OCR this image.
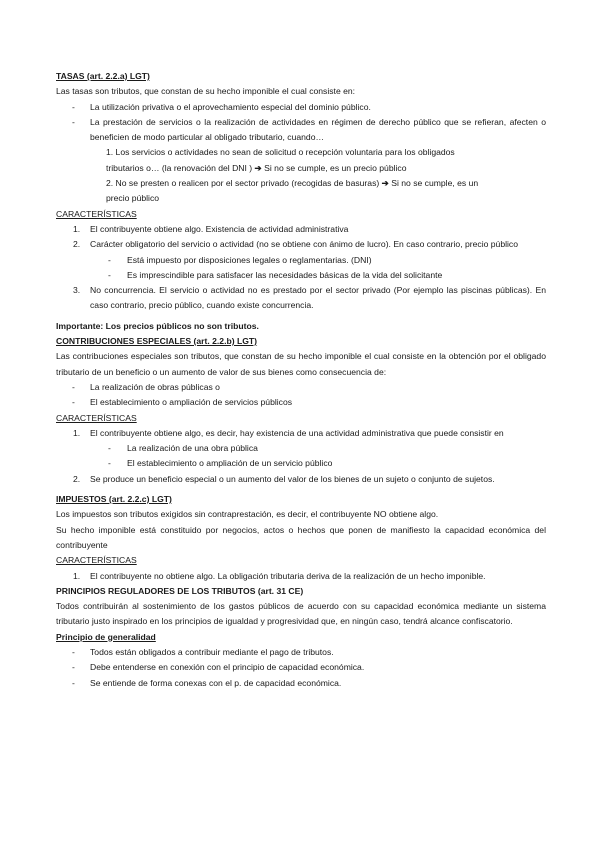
TASAS (art. 2.2.a) LGT)
Las tasas son tributos, que constan de su hecho imponible el cual consiste en:
- La utilización privativa o el aprovechamiento especial del dominio público.
- La prestación de servicios o la realización de actividades en régimen de derecho público que se refieran, afecten o beneficien de modo particular al obligado tributario, cuando…
1. Los servicios o actividades no sean de solicitud o recepción voluntaria para los obligados
tributarios o… (la renovación del DNI ) ➔ Si no se cumple, es un precio público
2. No se presten o realicen por el sector privado (recogidas de basuras) ➔ Si no se cumple, es un
precio público
CARACTERÍSTICAS
1. El contribuyente obtiene algo. Existencia de actividad administrativa
2. Carácter obligatorio del servicio o actividad (no se obtiene con ánimo de lucro). En caso contrario, precio público
- Está impuesto por disposiciones legales o reglamentarias. (DNI)
- Es imprescindible para satisfacer las necesidades básicas de la vida del solicitante
3. No concurrencia. El servicio o actividad no es prestado por el sector privado (Por ejemplo las piscinas públicas). En caso contrario, precio público, cuando existe concurrencia.
Importante: Los precios públicos no son tributos.
CONTRIBUCIONES ESPECIALES (art. 2.2.b) LGT)
Las contribuciones especiales son tributos, que constan de su hecho imponible el cual consiste en la obtención por el obligado tributario de un beneficio o un aumento de valor de sus bienes como consecuencia de:
- La realización de obras públicas o
- El establecimiento o ampliación de servicios públicos
CARACTERÍSTICAS
1. El contribuyente obtiene algo, es decir, hay existencia de una actividad administrativa que puede consistir en
- La realización de una obra pública
- El establecimiento o ampliación de un servicio público
2. Se produce un beneficio especial o un aumento del valor de los bienes de un sujeto o conjunto de sujetos.
IMPUESTOS (art. 2.2.c) LGT)
Los impuestos son tributos exigidos sin contraprestación, es decir, el contribuyente NO obtiene algo.
Su hecho imponible está constituido por negocios, actos o hechos que ponen de manifiesto la capacidad económica del contribuyente
CARACTERÍSTICAS
1. El contribuyente no obtiene algo. La obligación tributaria deriva de la realización de un hecho imponible.
PRINCIPIOS REGULADORES DE LOS TRIBUTOS (art. 31 CE)
Todos contribuirán al sostenimiento de los gastos públicos de acuerdo con su capacidad económica mediante un sistema tributario justo inspirado en los principios de igualdad y progresividad que, en ningún caso, tendrá alcance confiscatorio.
Principio de generalidad
- Todos están obligados a contribuir mediante el pago de tributos.
- Debe entenderse en conexión con el principio de capacidad económica.
- Se entiende de forma conexas con el p. de capacidad económica.
